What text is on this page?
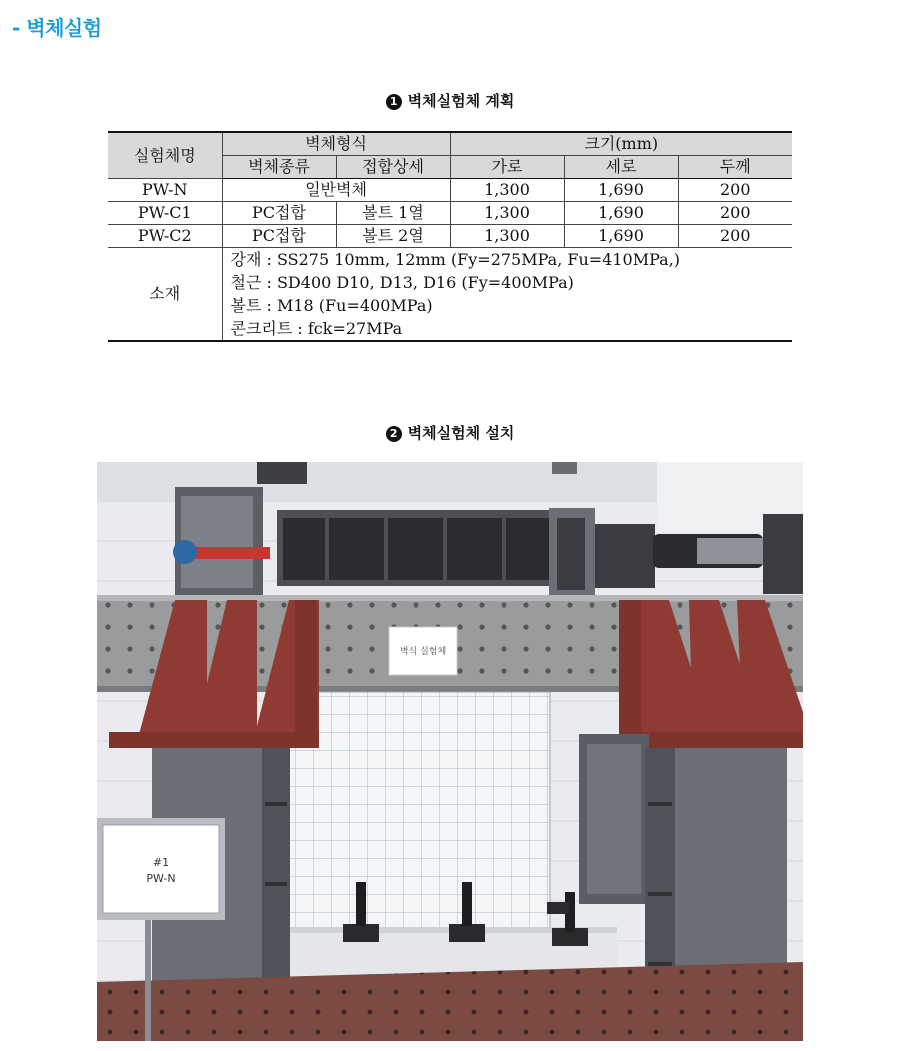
- 벽체실험
1 벽체실험체 계획
실험체명	벽체형식		크기(mm)		
	벽체종류	접합상세	가로	세로	두께
PW-N	일반벽체		1,300	1,690	200
PW-C1	PC접합	볼트 1열	1,300	1,690	200
PW-C2	PC접합	볼트 2열	1,300	1,690	200
소재	강재 : SS275 10mm, 12mm (Fy=275MPa, Fu=410MPa,)
철근 : SD400 D10, D13, D16 (Fy=400MPa)
볼트 : M18 (Fu=400MPa)
콘크리트 : fck=27MPa				
2 벽체실험체 설치
벽식 실험체
#1
PW-N
